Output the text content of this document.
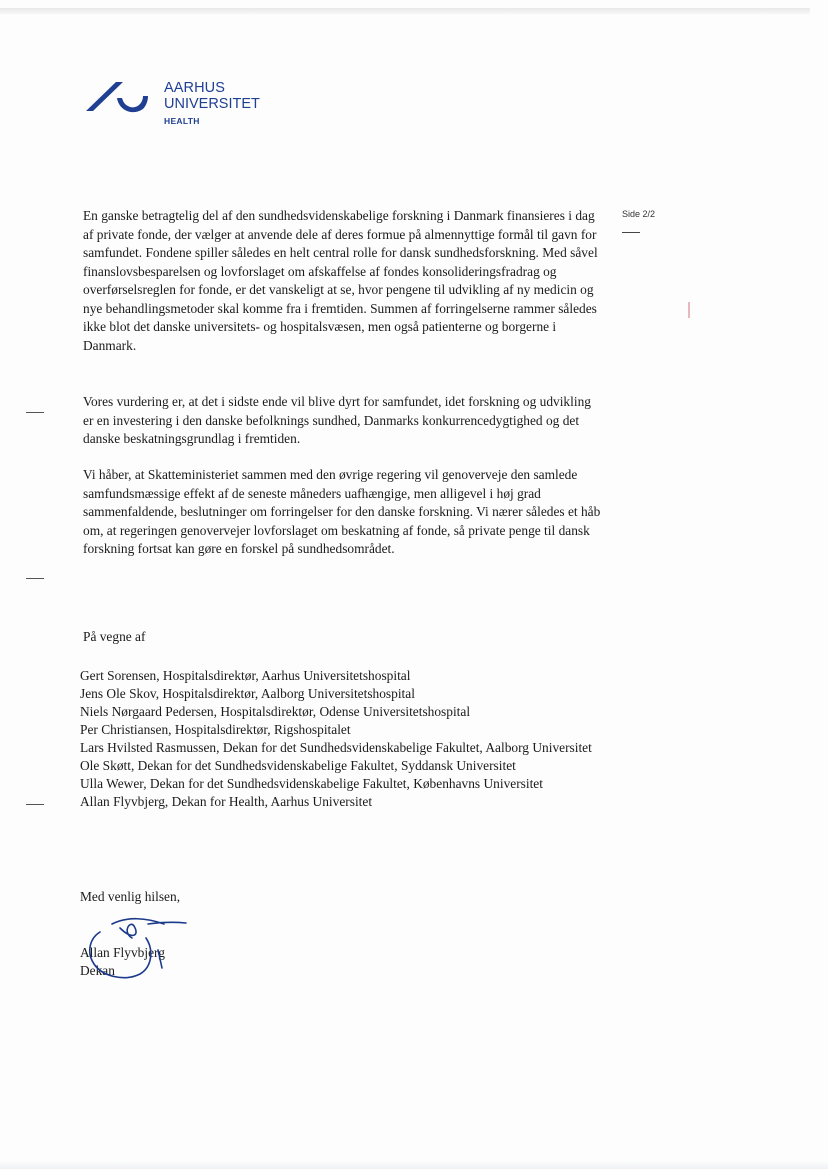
AARHUS
UNIVERSITET
HEALTH
Side 2/2

En ganske betragtelig del af den sundhedsvidenskabelige forskning i Danmark finansieres i dag af private fonde, der vælger at anvende dele af deres formue på almennyttige formål til gavn for samfundet. Fondene spiller således en helt central rolle for dansk sundhedsforskning. Med såvel finanslovsbesparelsen og lovforslaget om afskaffelse af fondes konsolideringsfradrag og overførselsreglen for fonde, er det vanskeligt at se, hvor pengene til udvikling af ny medicin og nye behandlingsmetoder skal komme fra i fremtiden. Summen af forringelserne rammer således ikke blot det danske universitets- og hospitalsvæsen, men også patienterne og borgerne i Danmark.

Vores vurdering er, at det i sidste ende vil blive dyrt for samfundet, idet forskning og udvikling er en investering i den danske befolknings sundhed, Danmarks konkurrencedygtighed og det danske beskatningsgrundlag i fremtiden.

Vi håber, at Skatteministeriet sammen med den øvrige regering vil genoverveje den samlede samfundsmæssige effekt af de seneste måneders uafhængige, men alligevel i høj grad sammenfaldende, beslutninger om forringelser for den danske forskning. Vi nærer således et håb om, at regeringen genovervejer lovforslaget om beskatning af fonde, så private penge til dansk forskning fortsat kan gøre en forskel på sundhedsområdet.

På vegne af
Gert Sorensen, Hospitalsdirektør, Aarhus Universitetshospital
Jens Ole Skov, Hospitalsdirektør, Aalborg Universitetshospital
Niels Nørgaard Pedersen, Hospitalsdirektør, Odense Universitetshospital
Per Christiansen, Hospitalsdirektør, Rigshospitalet
Lars Hvilsted Rasmussen, Dekan for det Sundhedsvidenskabelige Fakultet, Aalborg Universitet
Ole Skøtt, Dekan for det Sundhedsvidenskabelige Fakultet, Syddansk Universitet
Ulla Wewer, Dekan for det Sundhedsvidenskabelige Fakultet, Københavns Universitet
Allan Flyvbjerg, Dekan for Health, Aarhus Universitet
Med venlig hilsen,
Allan Flyvbjerg
Dekan
